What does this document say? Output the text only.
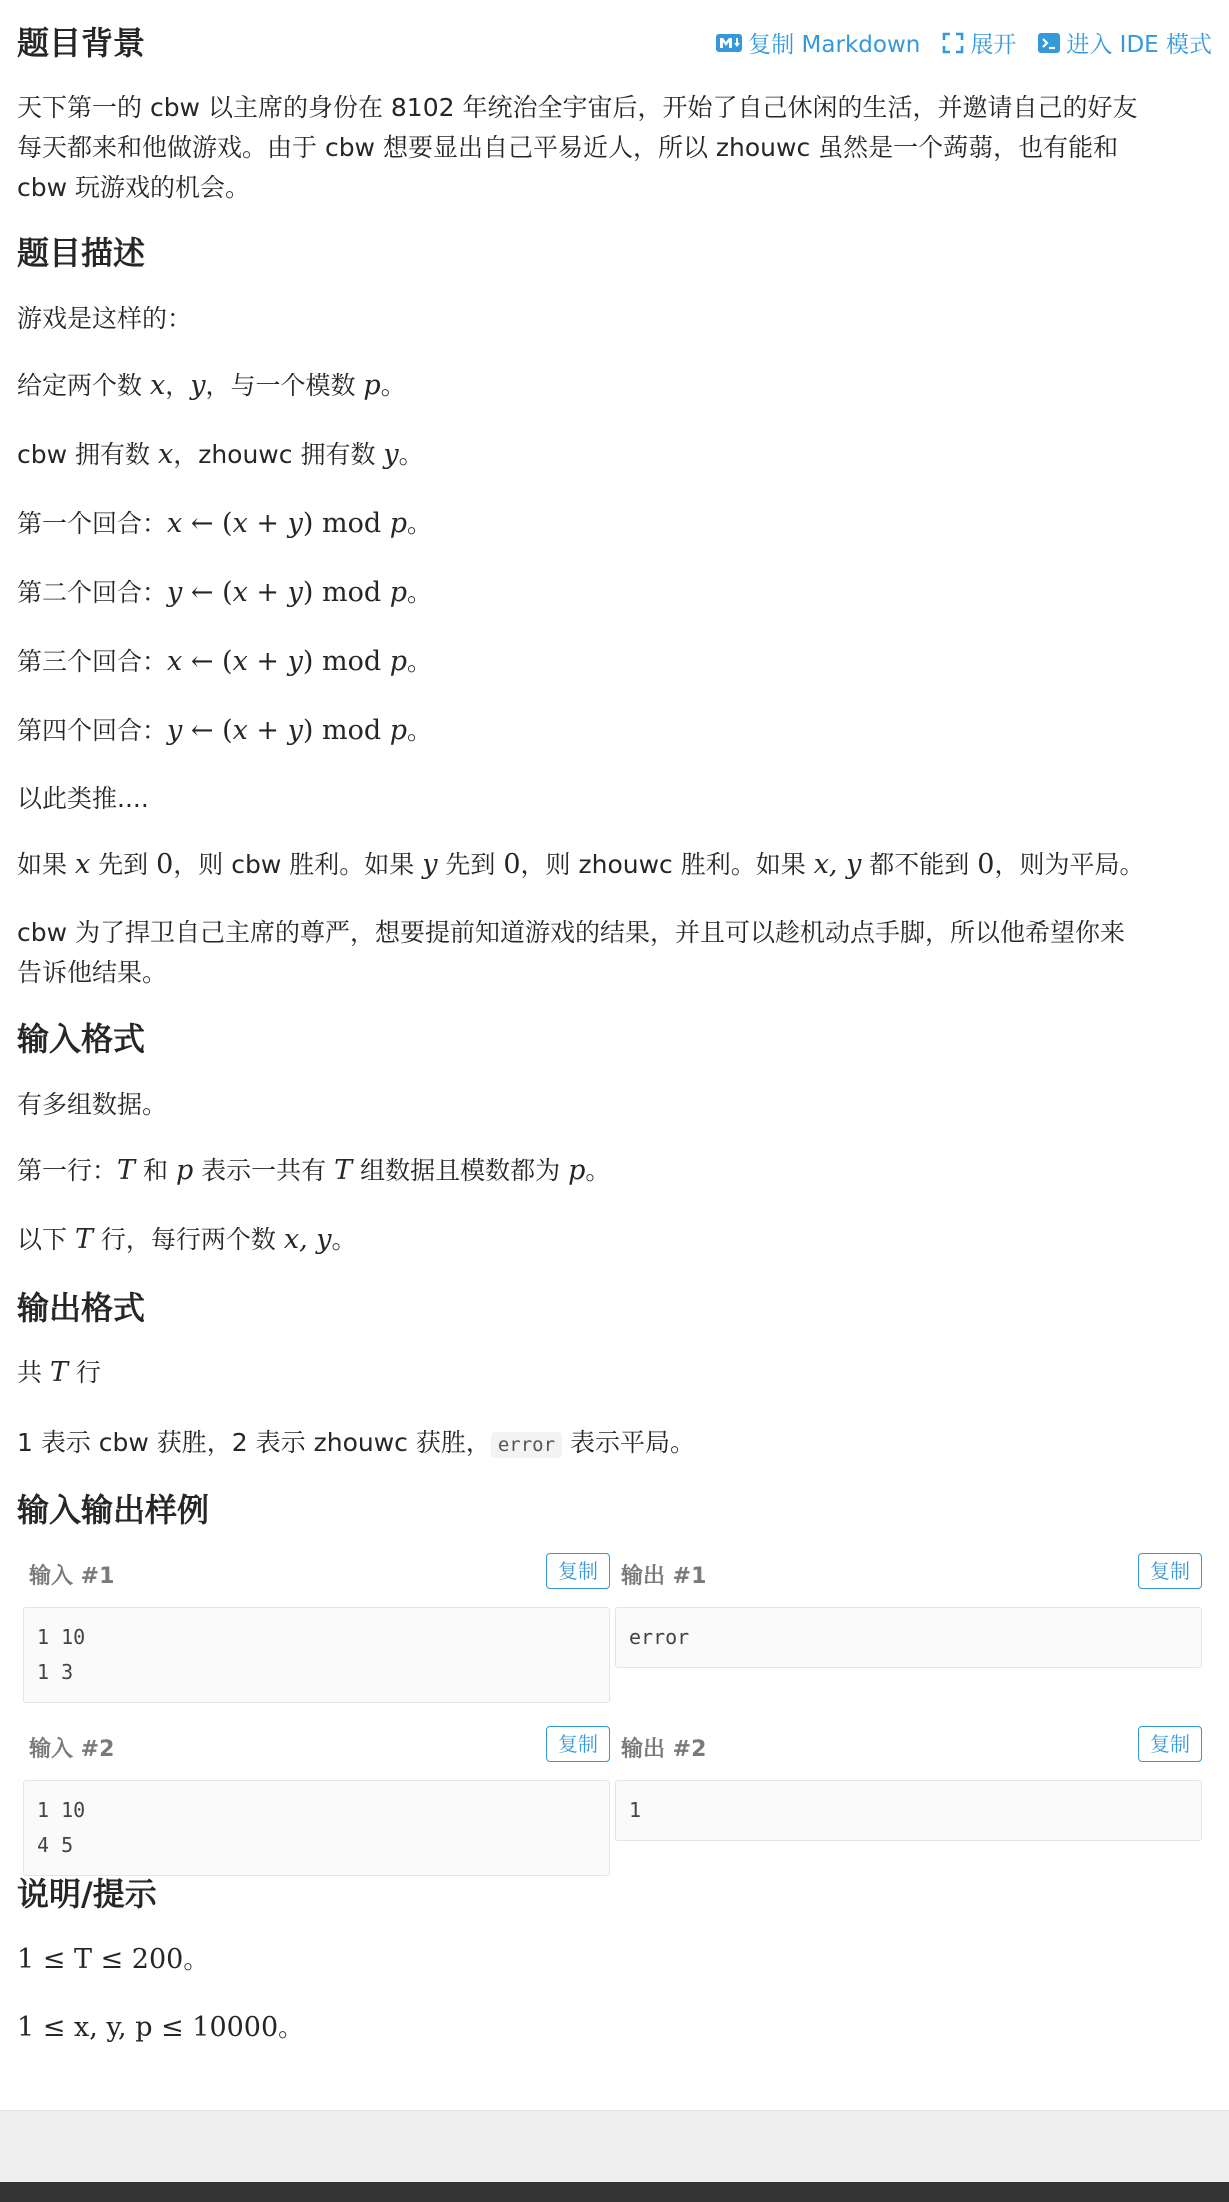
题目背景	复制 Markdown 展开 进入 IDE 模式

天下第一的 cbw 以主席的身份在 8102 年统治全宇宙后，开始了自己休闲的生活，并邀请自己的好友

每天都来和他做游戏。由于 cbw 想要显出自己平易近人，所以 zhouwc 虽然是一个蒟蒻，也有能和

cbw 玩游戏的机会。

题目描述

游戏是这样的：

给定两个数 x，y，与一个模数 p。

cbw 拥有数 x，zhouwc 拥有数 y。

第一个回合：x ← (x + y) mod p。

第二个回合：y ← (x + y) mod p。

第三个回合：x ← (x + y) mod p。

第四个回合：y ← (x + y) mod p。

以此类推....

如果 x 先到 0，则 cbw 胜利。如果 y 先到 0，则 zhouwc 胜利。如果 x, y 都不能到 0，则为平局。

cbw 为了捍卫自己主席的尊严，想要提前知道游戏的结果，并且可以趁机动点手脚，所以他希望你来

告诉他结果。

输入格式

有多组数据。

第一行：T 和 p 表示一共有 T 组数据且模数都为 p。

以下 T 行，每行两个数 x, y。

输出格式

共 T 行

1 表示 cbw 获胜，2 表示 zhouwc 获胜， error 表示平局。

输入输出样例
输入 #1	复制
1 10
1 3
输出 #1	复制
error
输入 #2	复制
1 10
4 5
输出 #2	复制
1
说明/提示

1 ≤ T ≤ 200。

1 ≤ x, y, p ≤ 10000。
